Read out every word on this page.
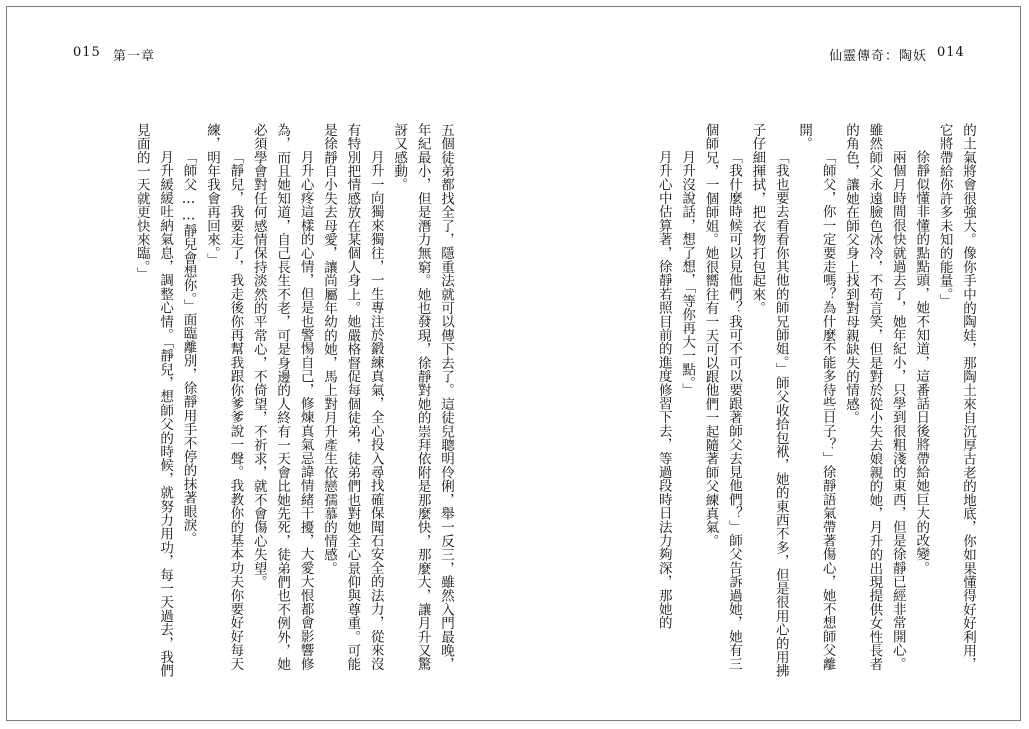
015 第一章	仙靈傳奇：陶妖 014

的土氣將會很強大。像你手中的陶娃，那陶土來自沉厚古老的地底，你如果懂得好好利用，它將帶給你許多未知的能量。」

徐靜似懂非懂的點點頭，她不知道，這番話日後將帶給她巨大的改變。

兩個月時間很快就過去了，她年紀小，只學到很粗淺的東西，但是徐靜已經非常開心。雖然師父永遠臉色冰冷，不苟言笑，但是對於從小失去娘親的她，月升的出現提供女性長者的角色，讓她在師父身上找到對母親缺失的情感。

「師父，你一定要走嗎？為什麼不能多待些日子？」徐靜語氣帶著傷心，她不想師父離開。

「我也要去看看你其他的師兄師姐。」師父收拾包袱，她的東西不多，但是很用心的用拂子仔細揮拭，把衣物打包起來。

「我什麼時候可以見他們？我可不可以要跟著師父去見他們？」師父告訴過她，她有三個師兄，一個師姐。她很嚮往有一天可以跟他們一起隨著師父練真氣。

月升沒說話，想了想，「等你再大一點。」

月升心中估算著，徐靜若照目前的進度修習下去，等過段時日法力夠深，那她的

五個徒弟都找全了，隱重法就可以傳下去了。這徒兒聰明伶俐，舉一反三，雖然入門最晚，年紀最小，但是潛力無窮。她也發現，徐靜對她的崇拜依附是那麼快，那麼大，讓月升又驚訝又感動。

月升一向獨來獨往，一生專注於鍛練真氣，全心投入尋找確保聞石安全的法力，從來沒有特別把情感放在某個人身上。她嚴格督促每個徒弟，徒弟們也對她全心景仰與尊重。可能是徐靜自小失去母愛，讓尚屬年幼的她，馬上對月升產生依戀孺慕的情感。

月升心疼這樣的心情，但是也警惕自己，修煉真氣忌諱情緒干擾，大愛大恨都會影響修為，而且她知道，自己長生不老，可是身邊的人終有一天會比她先死，徒弟們也不例外，她必須學會對任何感情保持淡然的平常心，不倚望，不祈求，就不會傷心失望。

「靜兒，我要走了，我走後你再幫我跟你爹爹說一聲。我教你的基本功夫你要好好每天練，明年我會再回來。」

「師父……靜兒會想你。」面臨離別，徐靜用手不停的抹著眼淚。

月升緩緩吐納氣息，調整心情。「靜兒，想師父的時候，就努力用功，每一天過去，我們見面的一天就更快來臨。」
